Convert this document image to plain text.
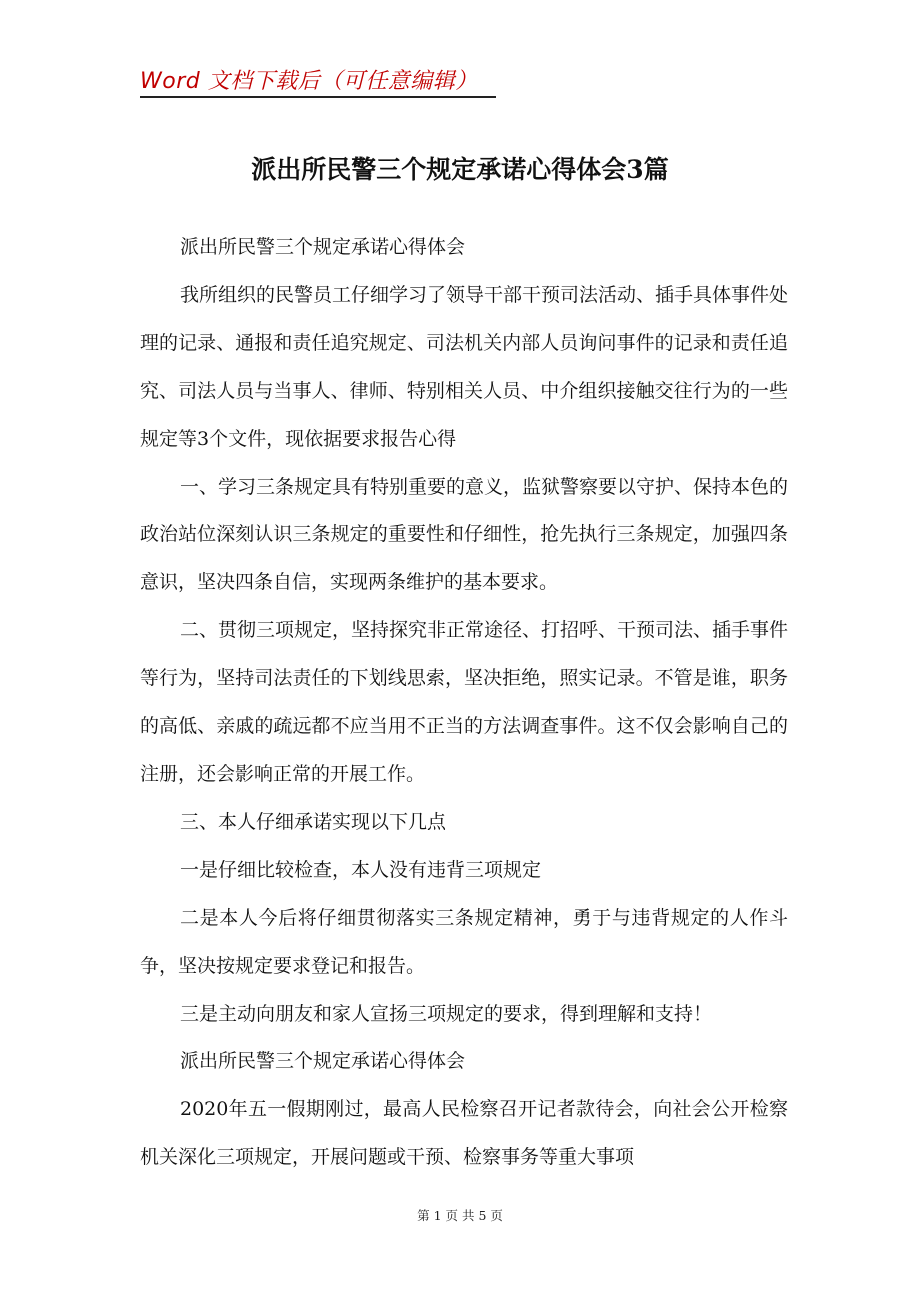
Word 文档下载后（可任意编辑）
派出所民警三个规定承诺心得体会3篇

派出所民警三个规定承诺心得体会

我所组织的民警员工仔细学习了领导干部干预司法活动、插手具体事件处理的记录、通报和责任追究规定、司法机关内部人员询问事件的记录和责任追究、司法人员与当事人、律师、特别相关人员、中介组织接触交往行为的一些规定等3个文件，现依据要求报告心得

一、学习三条规定具有特别重要的意义，监狱警察要以守护、保持本色的政治站位深刻认识三条规定的重要性和仔细性，抢先执行三条规定，加强四条意识，坚决四条自信，实现两条维护的基本要求。

二、贯彻三项规定，坚持探究非正常途径、打招呼、干预司法、插手事件等行为，坚持司法责任的下划线思索，坚决拒绝，照实记录。不管是谁，职务的高低、亲戚的疏远都不应当用不正当的方法调查事件。这不仅会影响自己的注册，还会影响正常的开展工作。

三、本人仔细承诺实现以下几点

一是仔细比较检查，本人没有违背三项规定

二是本人今后将仔细贯彻落实三条规定精神，勇于与违背规定的人作斗争，坚决按规定要求登记和报告。

三是主动向朋友和家人宣扬三项规定的要求，得到理解和支持！

派出所民警三个规定承诺心得体会

2020年五一假期刚过，最高人民检察召开记者款待会，向社会公开检察机关深化三项规定，开展问题或干预、检察事务等重大事项

第 1 页 共 5 页
